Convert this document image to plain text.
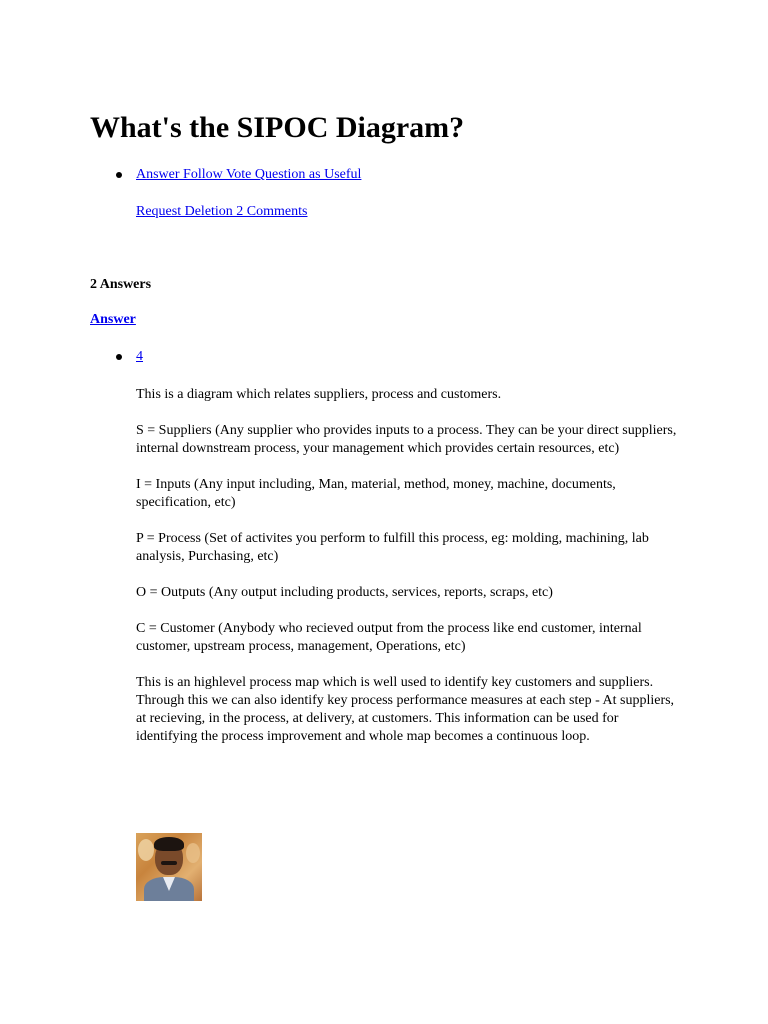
What's the SIPOC Diagram?
Answer Follow Vote Question as Useful
Request Deletion 2 Comments
2 Answers
Answer
4

This is a diagram which relates suppliers, process and customers.

S = Suppliers (Any supplier who provides inputs to a process. They can be your direct suppliers, internal downstream process, your management which provides certain resources, etc)

I = Inputs (Any input including, Man, material, method, money, machine, documents, specification, etc)

P = Process (Set of activites you perform to fulfill this process, eg: molding, machining, lab analysis, Purchasing, etc)

O = Outputs (Any output including products, services, reports, scraps, etc)

C = Customer (Anybody who recieved output from the process like end customer, internal customer, upstream process, management, Operations, etc)

This is an highlevel process map which is well used to identify key customers and suppliers. Through this we can also identify key process performance measures at each step - At suppliers, at recieving, in the process, at delivery, at customers. This information can be used for identifying the process improvement and whole map becomes a continuous loop.
